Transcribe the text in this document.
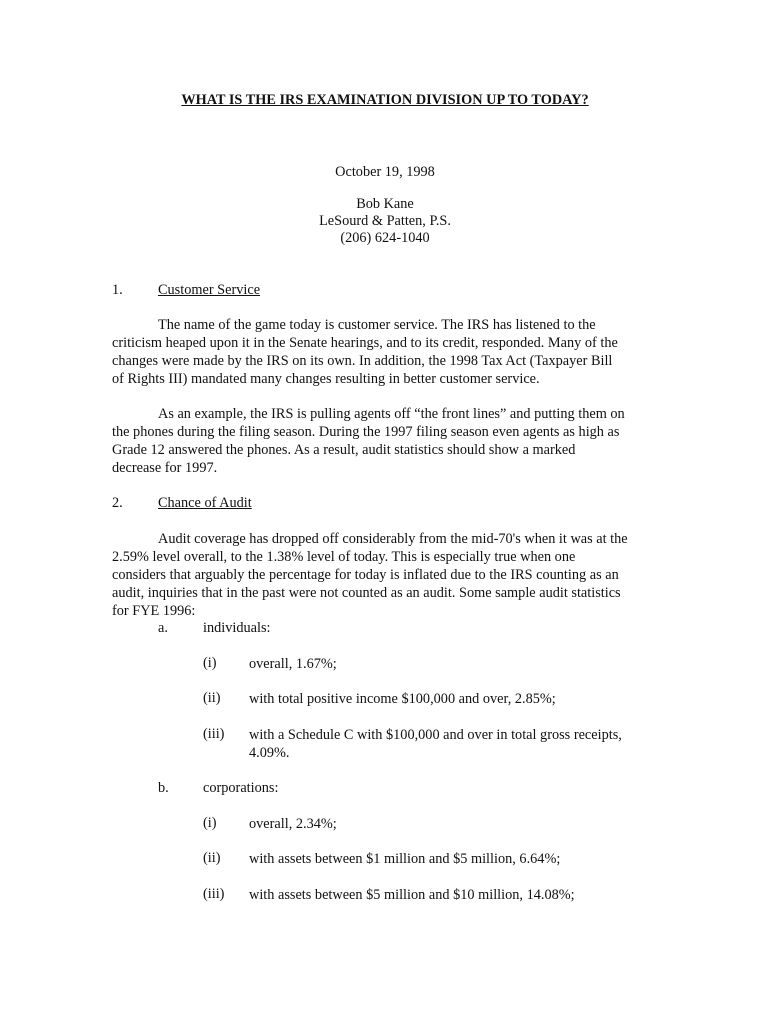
WHAT IS THE IRS EXAMINATION DIVISION UP TO TODAY?
October 19, 1998
Bob Kane
LeSourd & Patten, P.S.
(206) 624-1040
1. Customer Service
The name of the game today is customer service. The IRS has listened to the
criticism heaped upon it in the Senate hearings, and to its credit, responded. Many of the
changes were made by the IRS on its own. In addition, the 1998 Tax Act (Taxpayer Bill
of Rights III) mandated many changes resulting in better customer service.
As an example, the IRS is pulling agents off “the front lines” and putting them on
the phones during the filing season. During the 1997 filing season even agents as high as
Grade 12 answered the phones. As a result, audit statistics should show a marked
decrease for 1997.
2. Chance of Audit
Audit coverage has dropped off considerably from the mid-70's when it was at the
2.59% level overall, to the 1.38% level of today. This is especially true when one
considers that arguably the percentage for today is inflated due to the IRS counting as an
audit, inquiries that in the past were not counted as an audit. Some sample audit statistics
for FYE 1996:
a. individuals:
(i) overall, 1.67%;
(ii) with total positive income $100,000 and over, 2.85%;
(iii) with a Schedule C with $100,000 and over in total gross receipts,
4.09%.
b. corporations:
(i) overall, 2.34%;
(ii) with assets between $1 million and $5 million, 6.64%;
(iii) with assets between $5 million and $10 million, 14.08%;
